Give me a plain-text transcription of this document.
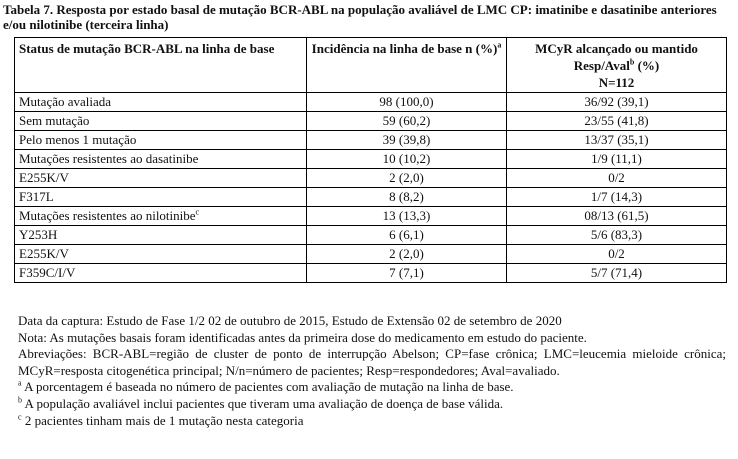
Tabela 7. Resposta por estado basal de mutação BCR-ABL na população avaliável de LMC CP: imatinibe e dasatinibe anteriores e/ou nilotinibe (terceira linha)
Status de mutação BCR-ABL na linha de base	Incidência na linha de base n (%)$^a$	MCyR alcançado ou mantido
Resp/Aval$^b$ (%)
N=112

Mutação avaliada	98 (100,0)	36/92 (39,1)
Sem mutação	59 (60,2)	23/55 (41,8)
Pelo menos 1 mutação	39 (39,8)	13/37 (35,1)
Mutações resistentes ao dasatinibe	10 (10,2)	1/9 (11,1)
E255K/V	2 (2,0)	0/2
F317L	8 (8,2)	1/7 (14,3)
Mutações resistentes ao nilotinibe$^c$	13 (13,3)	08/13 (61,5)
Y253H	6 (6,1)	5/6 (83,3)
E255K/V	2 (2,0)	0/2
F359C/I/V	7 (7,1)	5/7 (71,4)
Data da captura: Estudo de Fase 1/2 02 de outubro de 2015, Estudo de Extensão 02 de setembro de 2020
Nota: As mutações basais foram identificadas antes da primeira dose do medicamento em estudo do paciente.
Abreviações: BCR-ABL=região de cluster de ponto de interrupção Abelson; CP=fase crônica; LMC=leucemia mieloide crônica; MCyR=resposta citogenética principal; N/n=número de pacientes; Resp=respondedores; Aval=avaliado.
$^a$ A porcentagem é baseada no número de pacientes com avaliação de mutação na linha de base.
$^b$ A população avaliável inclui pacientes que tiveram uma avaliação de doença de base válida.
$^c$ 2 pacientes tinham mais de 1 mutação nesta categoria
